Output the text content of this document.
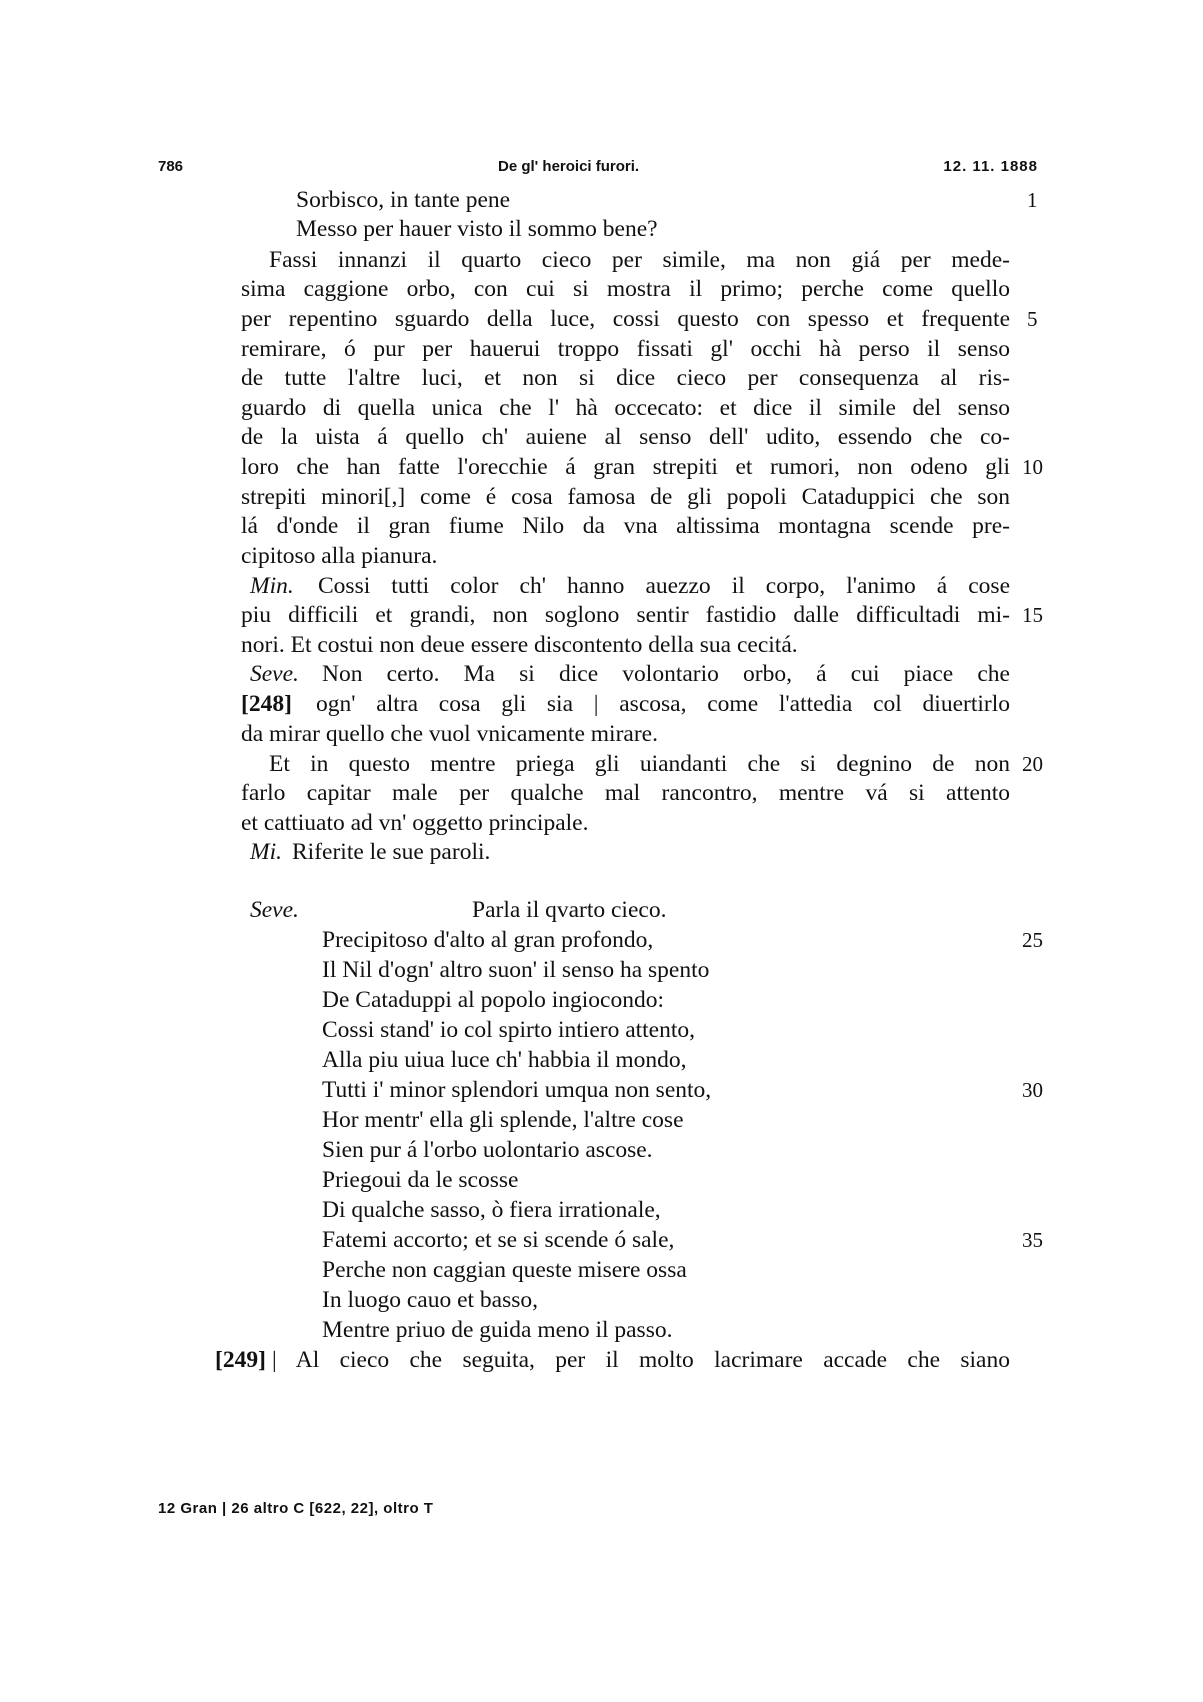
786	De gl' heroici furori.	12. 11. 1888
Sorbisco, in tante pene	1
Messo per hauer visto il sommo bene?
Fassi innanzi il quarto cieco per simile, ma non giá per mede-
sima caggione orbo, con cui si mostra il primo; perche come quello
per repentino sguardo della luce, cossi questo con spesso et frequente 5
remirare, ó pur per hauerui troppo fissati gl' occhi hà perso il senso
de tutte l'altre luci, et non si dice cieco per consequenza al ris-
guardo di quella unica che l' hà occecato: et dice il simile del senso
de la uista á quello ch' auiene al senso dell' udito, essendo che co-
loro che han fatte l'orecchie á gran strepiti et rumori, non odeno gli 10
strepiti minori[,] come é cosa famosa de gli popoli Cataduppici che son
lá d'onde il gran fiume Nilo da vna altissima montagna scende pre-
cipitoso alla pianura.
Min. Cossi tutti color ch' hanno auezzo il corpo, l'animo á cose
piu difficili et grandi, non soglono sentir fastidio dalle difficultadi mi- 15
nori. Et costui non deue essere discontento della sua cecitá.
Seve. Non certo. Ma si dice volontario orbo, á cui piace che
[248] ogn' altra cosa gli sia | ascosa, come l'attedia col diuertirlo
da mirar quello che vuol vnicamente mirare.
Et in questo mentre priega gli uiandanti che si degnino de non 20
farlo capitar male per qualche mal rancontro, mentre vá si attento
et cattiuato ad vn' oggetto principale.
Mi. Riferite le sue paroli.
Seve.	Parla il qvarto cieco.
Precipitoso d'alto al gran profondo,	25
Il Nil d'ogn' altro suon' il senso ha spento
De Cataduppi al popolo ingiocondo:
Cossi stand' io col spirto intiero attento,
Alla piu uiua luce ch' habbia il mondo,
Tutti i' minor splendori umqua non sento,	30
Hor mentr' ella gli splende, l'altre cose
Sien pur á l'orbo uolontario ascose.
Priegoui da le scosse
Di qualche sasso, ò fiera irrationale,
Fatemi accorto; et se si scende ó sale,	35
Perche non caggian queste misere ossa
In luogo cauo et basso,
Mentre priuo de guida meno il passo.
[249] | Al cieco che seguita, per il molto lacrimare accade che siano
12 Gran | 26 altro C [622, 22], oltro T
